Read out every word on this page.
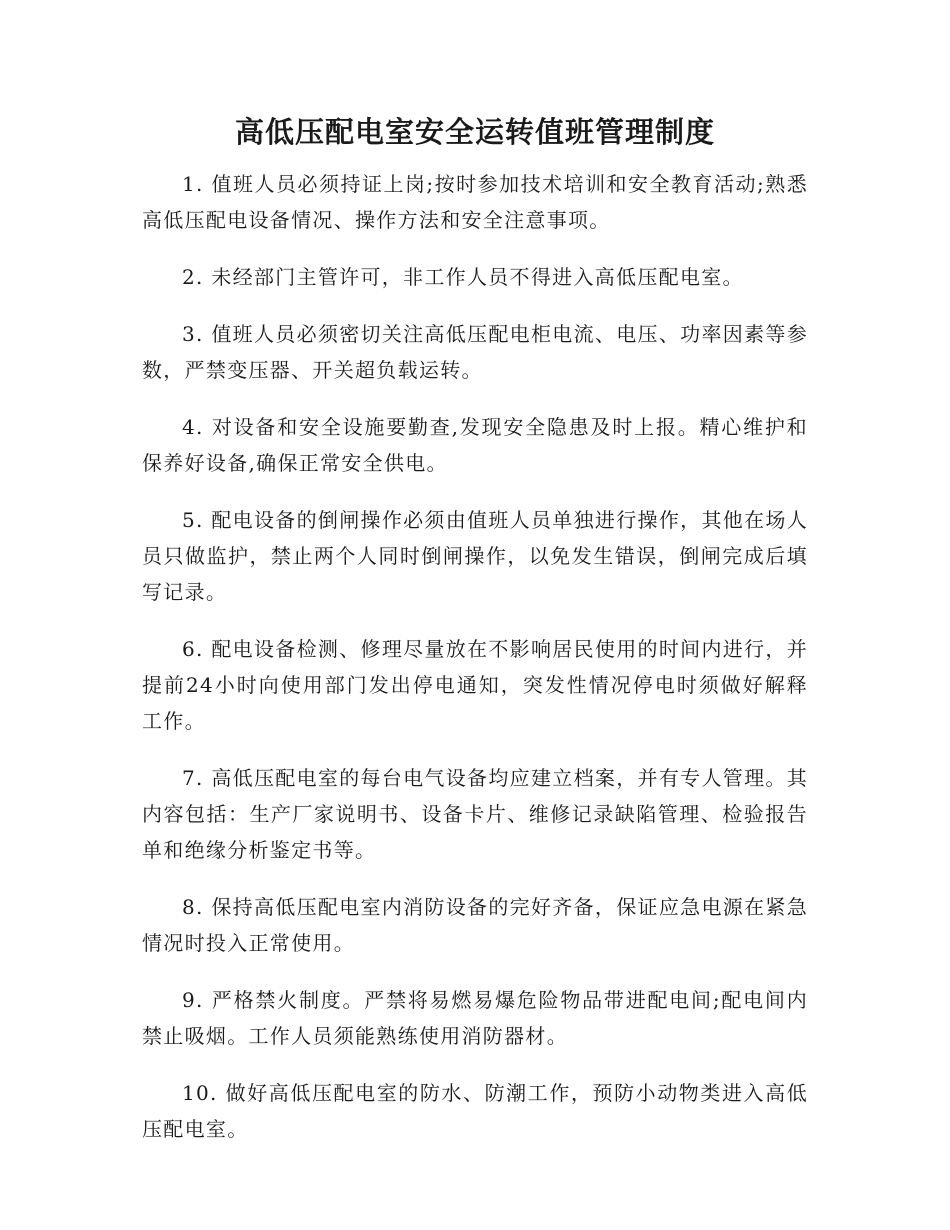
高低压配电室安全运转值班管理制度

1. 值班人员必须持证上岗;按时参加技术培训和安全教育活动;熟悉高低压配电设备情况、操作方法和安全注意事项。

2. 未经部门主管许可，非工作人员不得进入高低压配电室。

3. 值班人员必须密切关注高低压配电柜电流、电压、功率因素等参数，严禁变压器、开关超负载运转。

4. 对设备和安全设施要勤查,发现安全隐患及时上报。精心维护和保养好设备,确保正常安全供电。

5. 配电设备的倒闸操作必须由值班人员单独进行操作，其他在场人员只做监护，禁止两个人同时倒闸操作，以免发生错误，倒闸完成后填写记录。

6. 配电设备检测、修理尽量放在不影响居民使用的时间内进行，并提前24小时向使用部门发出停电通知，突发性情况停电时须做好解释工作。

7. 高低压配电室的每台电气设备均应建立档案，并有专人管理。其内容包括：生产厂家说明书、设备卡片、维修记录缺陷管理、检验报告单和绝缘分析鉴定书等。

8. 保持高低压配电室内消防设备的完好齐备，保证应急电源在紧急情况时投入正常使用。

9. 严格禁火制度。严禁将易燃易爆危险物品带进配电间;配电间内禁止吸烟。工作人员须能熟练使用消防器材。

10. 做好高低压配电室的防水、防潮工作，预防小动物类进入高低压配电室。
